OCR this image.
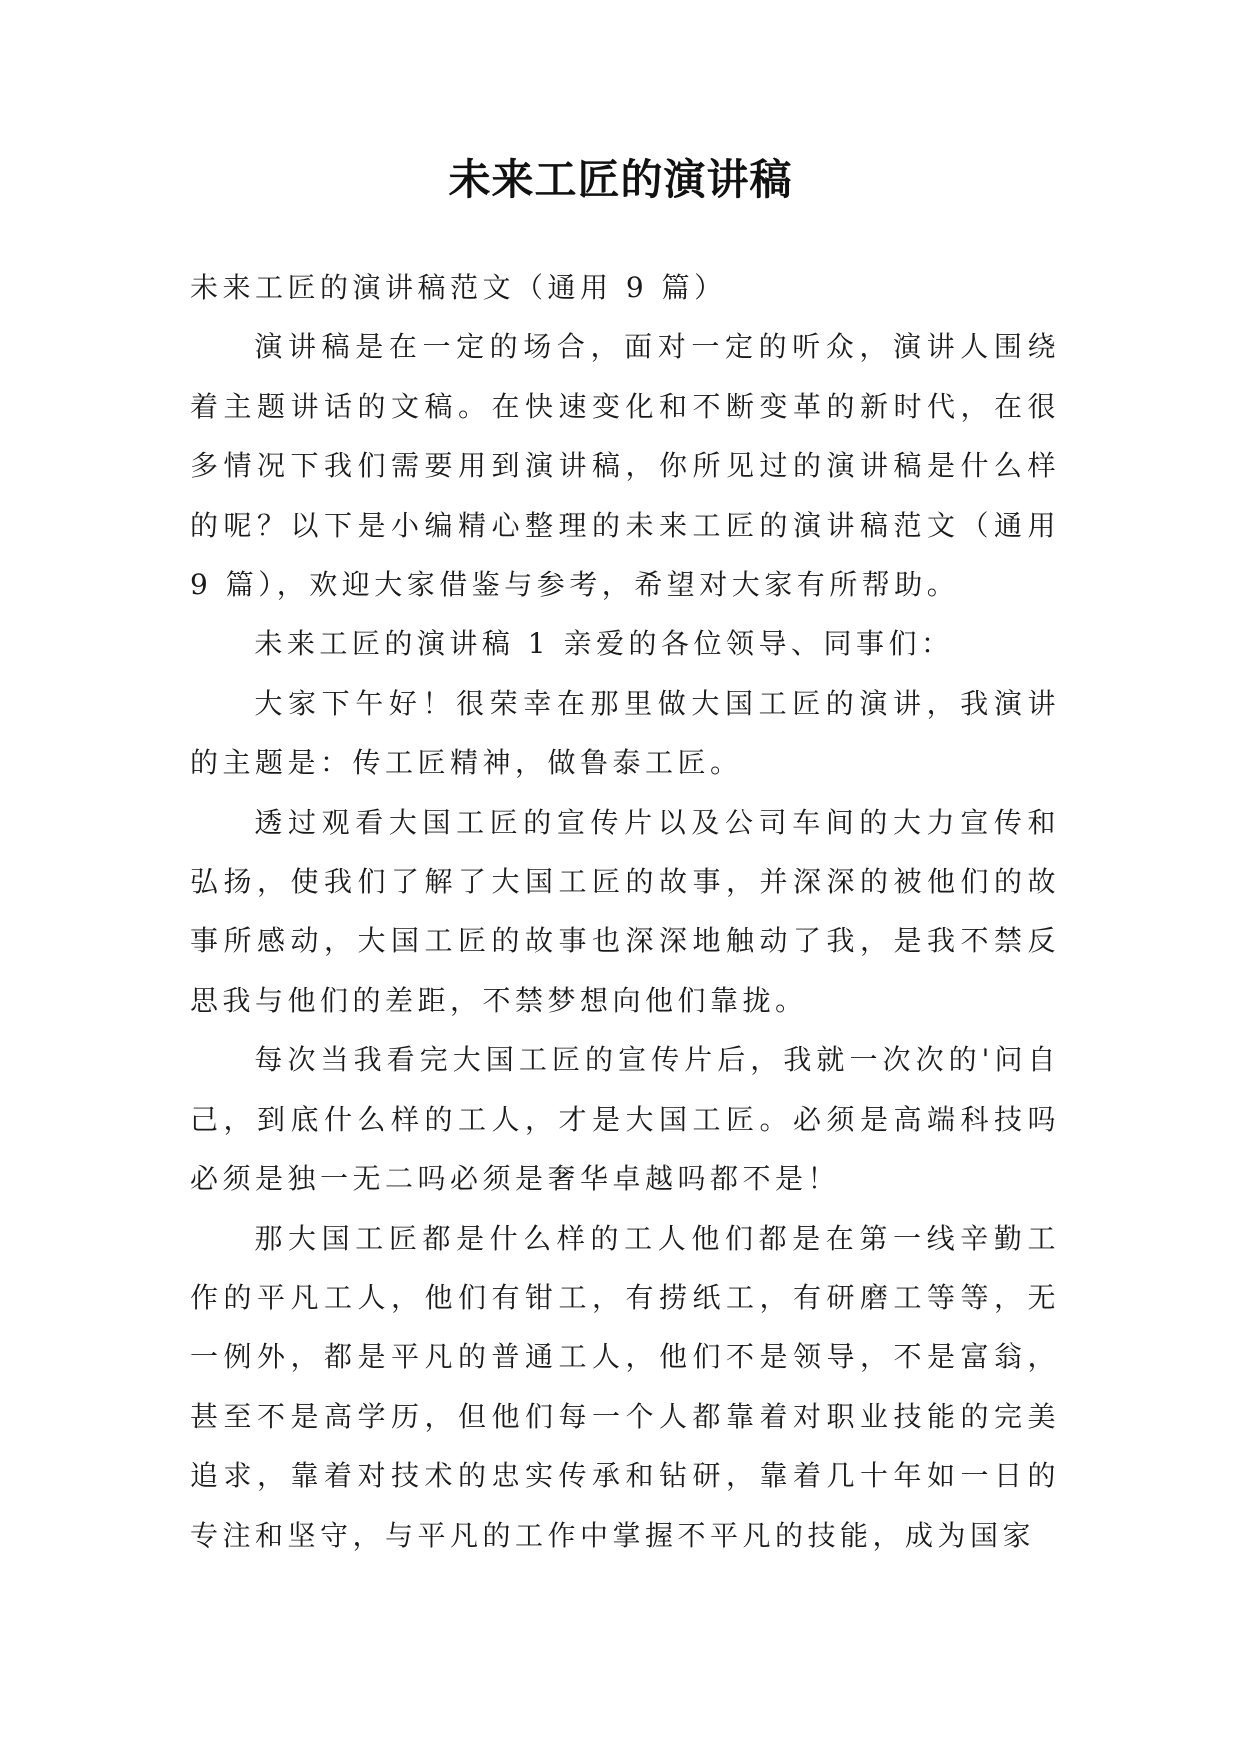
未来工匠的演讲稿

未来工匠的演讲稿范文（通用 9 篇）

演讲稿是在一定的场合，面对一定的听众，演讲人围绕着主题讲话的文稿。在快速变化和不断变革的新时代，在很多情况下我们需要用到演讲稿，你所见过的演讲稿是什么样的呢？以下是小编精心整理的未来工匠的演讲稿范文（通用 9 篇），欢迎大家借鉴与参考，希望对大家有所帮助。

未来工匠的演讲稿 1 亲爱的各位领导、同事们：

大家下午好！很荣幸在那里做大国工匠的演讲，我演讲的主题是：传工匠精神，做鲁泰工匠。

透过观看大国工匠的宣传片以及公司车间的大力宣传和弘扬，使我们了解了大国工匠的故事，并深深的被他们的故事所感动，大国工匠的故事也深深地触动了我，是我不禁反思我与他们的差距，不禁梦想向他们靠拢。

每次当我看完大国工匠的宣传片后，我就一次次的'问自己，到底什么样的工人，才是大国工匠。必须是高端科技吗必须是独一无二吗必须是奢华卓越吗都不是！

那大国工匠都是什么样的工人他们都是在第一线辛勤工作的平凡工人，他们有钳工，有捞纸工，有研磨工等等，无一例外，都是平凡的普通工人，他们不是领导，不是富翁，甚至不是高学历，但他们每一个人都靠着对职业技能的完美追求，靠着对技术的忠实传承和钻研，靠着几十年如一日的专注和坚守，与平凡的工作中掌握不平凡的技能，成为国家
